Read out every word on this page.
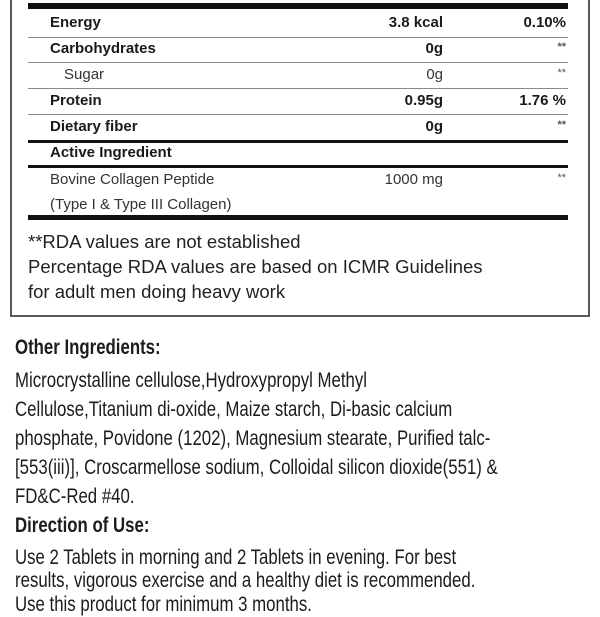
Energy	3.8 kcal	0.10%
Carbohydrates	0g	**
Sugar	0g	**
Protein	0.95g	1.76 %
Dietary fiber	0g	**
Active Ingredient
Bovine Collagen Peptide	1000 mg	**
(Type I & Type III Collagen)
**RDA values are not established
Percentage RDA values are based on ICMR Guidelines
for adult men doing heavy work
Other Ingredients:
Microcrystalline cellulose,Hydroxypropyl Methyl
Cellulose,Titanium di-oxide, Maize starch, Di-basic calcium
phosphate, Povidone (1202), Magnesium stearate, Purified talc-
[553(iii)], Croscarmellose sodium, Colloidal silicon dioxide(551) &
FD&C-Red #40.
Direction of Use:
Use 2 Tablets in morning and 2 Tablets in evening. For best
results, vigorous exercise and a healthy diet is recommended.
Use this product for minimum 3 months.
